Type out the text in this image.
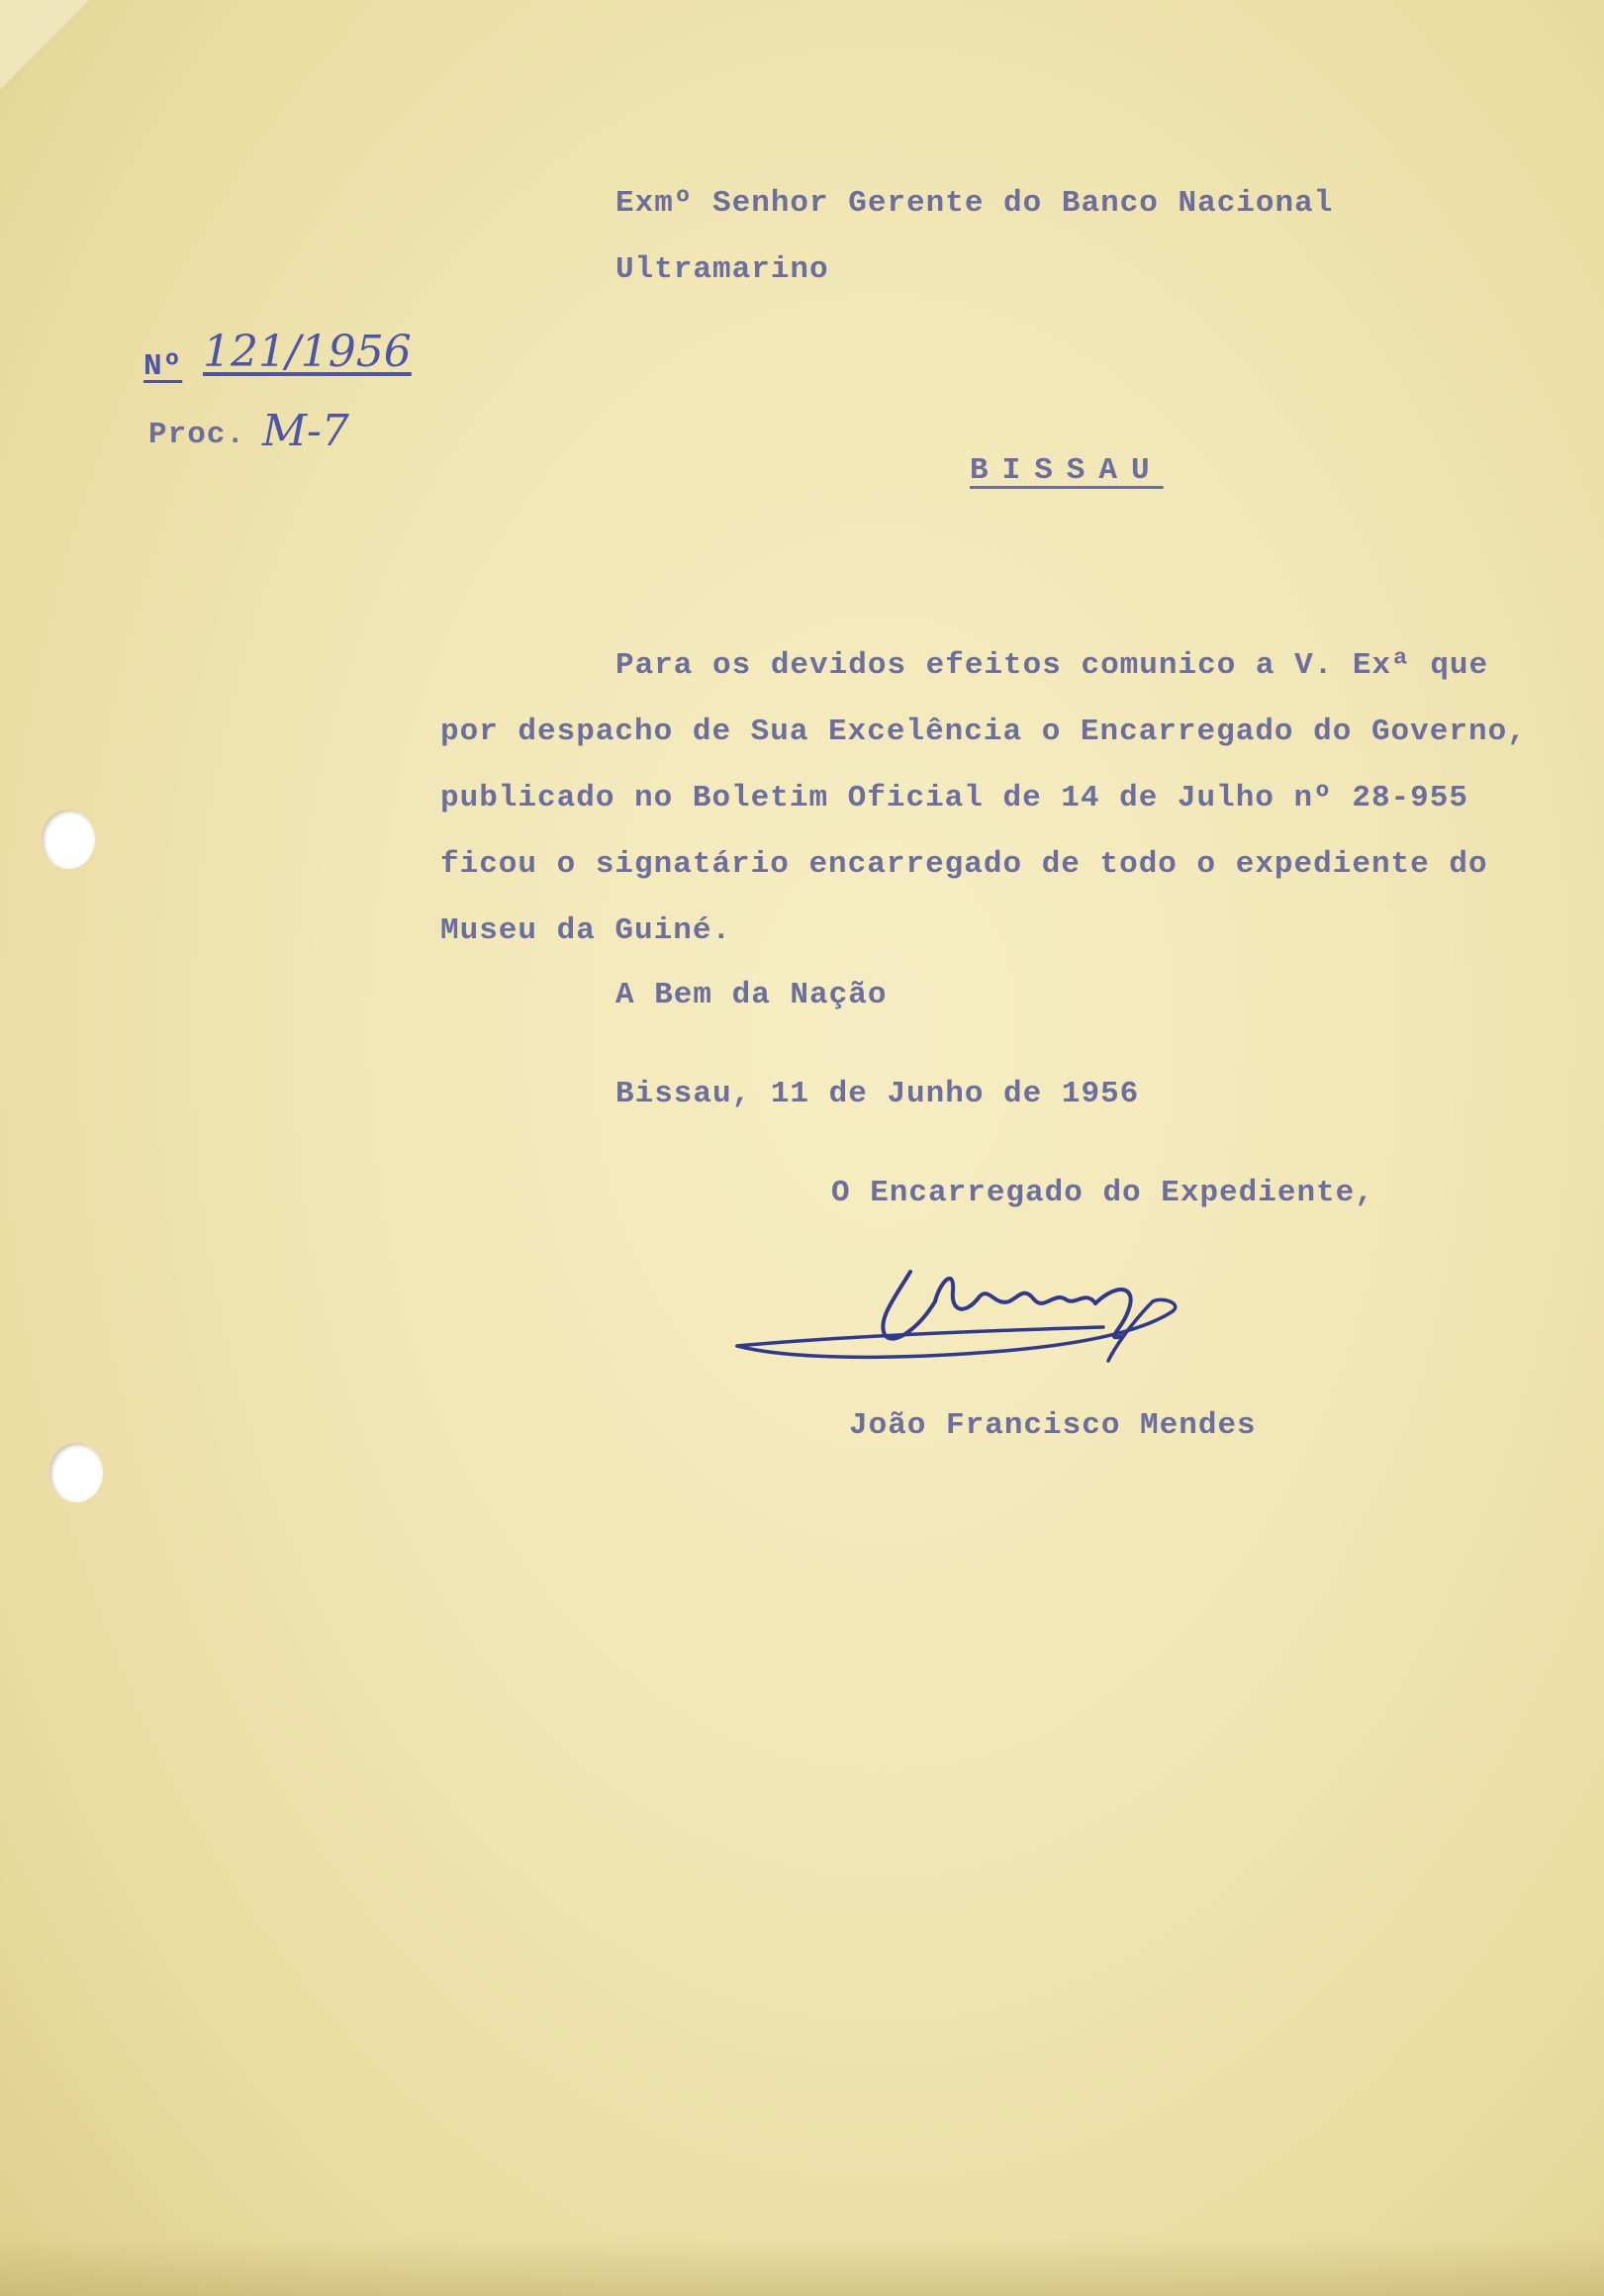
Exmº Senhor Gerente do Banco Nacional
Ultramarino
Nº 121/1956
Proc. M-7
BISSAU
Para os devidos efeitos comunico a V. Exª que
por despacho de Sua Excelência o Encarregado do Governo,
publicado no Boletim Oficial de 14 de Julho nº 28-955
ficou o signatário encarregado de todo o expediente do
Museu da Guiné.
A Bem da Nação
Bissau, 11 de Junho de 1956
O Encarregado do Expediente,
João Francisco Mendes
